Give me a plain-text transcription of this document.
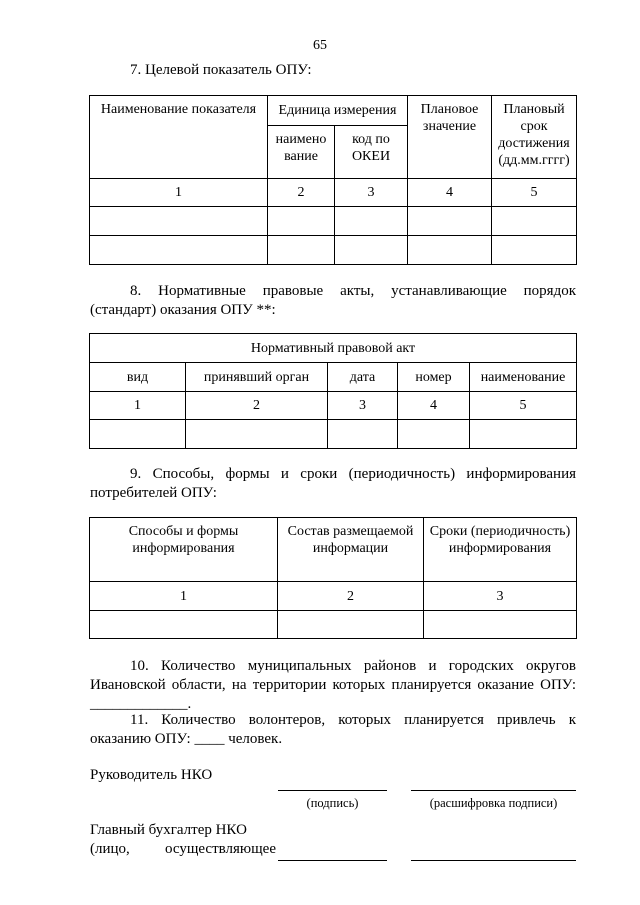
65
7. Целевой показатель ОПУ:
Наименование показателя	Единица измерения		Плановое значение	Плановый срок достижения (дд.мм.гггг)
	наимено вание	код по ОКЕИ		
1	2	3	4	5

8. Нормативные правовые акты, устанавливающие порядок (стандарт) оказания ОПУ **:
Нормативный правовой акт				
вид	принявший орган	дата	номер	наименование
1	2	3	4	5

9. Способы, формы и сроки (периодичность) информирования потребителей ОПУ:
Способы и формы информирования	Состав размещаемой информации	Сроки (периодичность) информирования
1	2	3

10. Количество муниципальных районов и городских округов Ивановской области, на территории которых планируется оказание ОПУ: _____________.
11. Количество волонтеров, которых планируется привлечь к оказанию ОПУ: ____ человек.
Руководитель НКО
(подпись)	(расшифровка подписи)
Главный бухгалтер НКО
(лицо, осуществляющее
